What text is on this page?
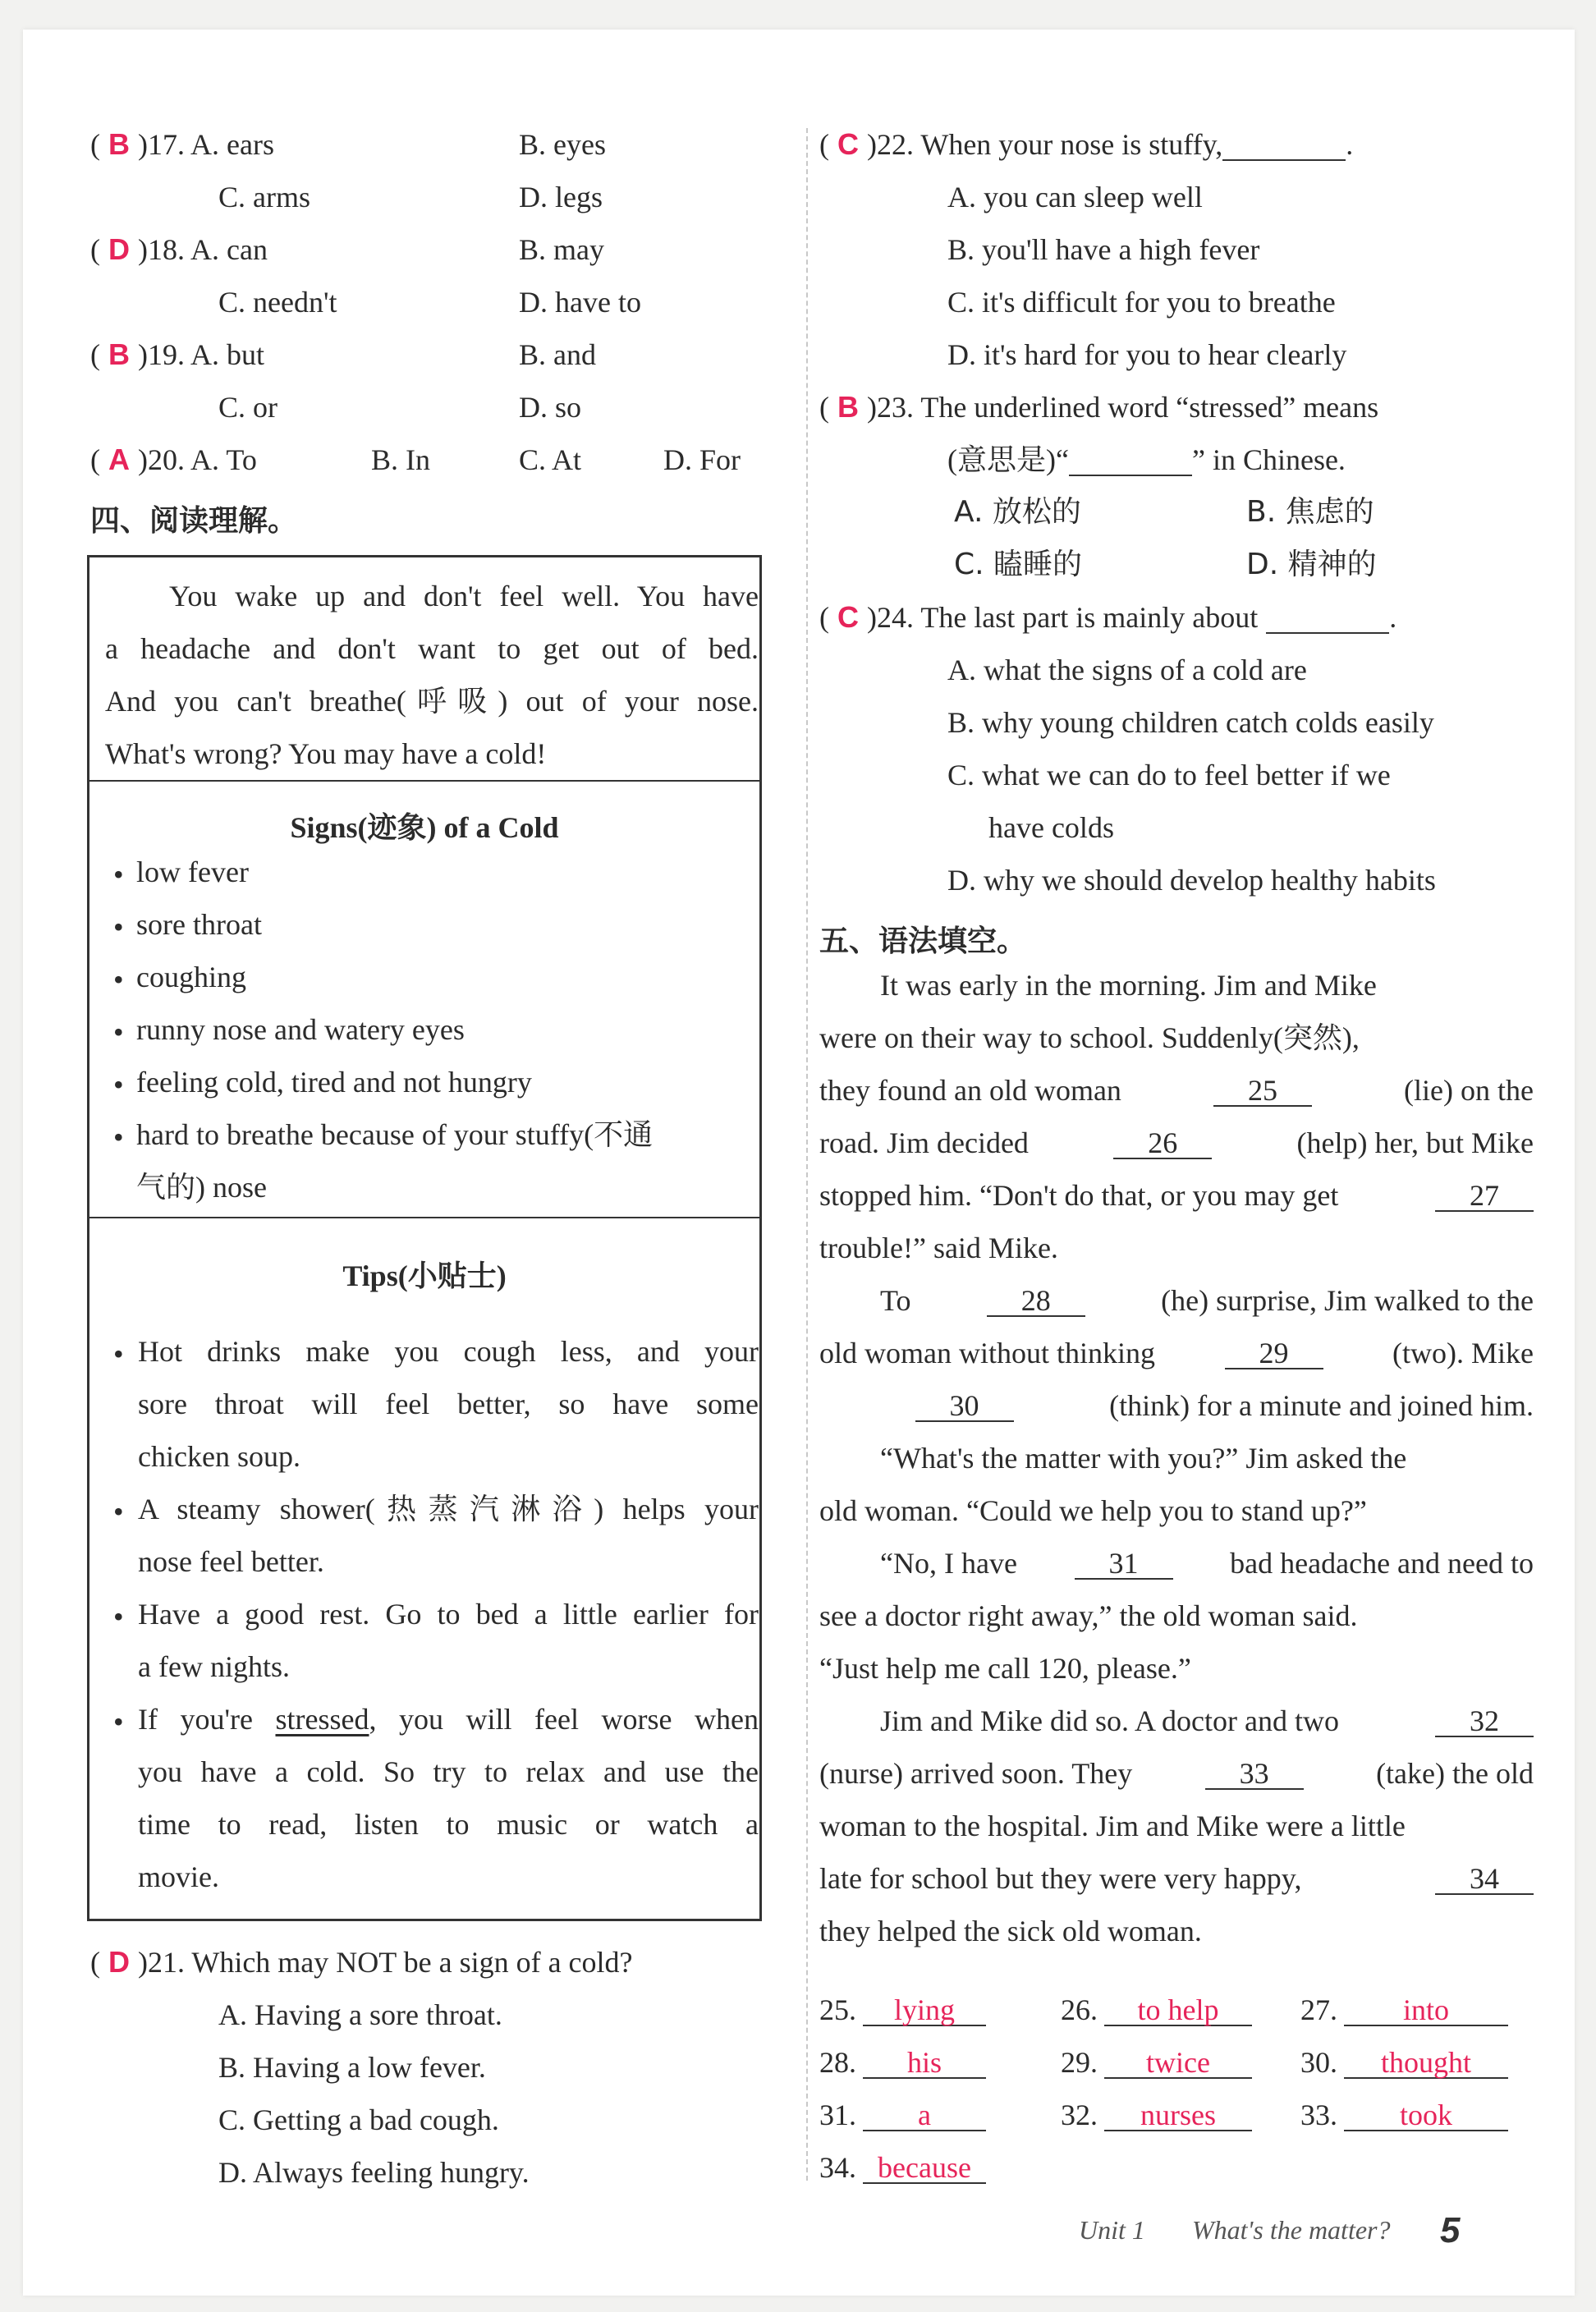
( B )17. A. ears	B. eyes
C. arms	D. legs
( D )18. A. can	B. may
C. needn't	D. have to
( B )19. A. but	B. and
C. or	D. so
( A )20. A. To	B. In	C. At	D. For
四、阅读理解。
You wake up and don't feel well. You have
a headache and don't want to get out of bed.
And you can't breathe(呼吸) out of your nose.
What's wrong? You may have a cold!
Signs(迹象) of a Cold
• low fever
• sore throat
• coughing
• runny nose and watery eyes
• feeling cold, tired and not hungry
• hard to breathe because of your stuffy(不通
气的) nose
Tips(小贴士)
• Hot drinks make you cough less, and your
sore throat will feel better, so have some
chicken soup.
• A steamy shower(热蒸汽淋浴) helps your
nose feel better.
• Have a good rest. Go to bed a little earlier for
a few nights.
• If you're stressed, you will feel worse when
you have a cold. So try to relax and use the
time to read, listen to music or watch a
movie.
( D )21. Which may NOT be a sign of a cold?
A. Having a sore throat.
B. Having a low fever.
C. Getting a bad cough.
D. Always feeling hungry.
( C )22. When your nose is stuffy,	.
A. you can sleep well
B. you'll have a high fever
C. it's difficult for you to breathe
D. it's hard for you to hear clearly
( B )23. The underlined word “stressed” means
(意思是)“	” in Chinese.
A. 放松的	B. 焦虑的
C. 瞌睡的	D. 精神的
( C )24. The last part is mainly about	.
A. what the signs of a cold are
B. why young children catch colds easily
C. what we can do to feel better if we
have colds
D. why we should develop healthy habits
五、语法填空。
It was early in the morning. Jim and Mike
were on their way to school. Suddenly(突然),
they found an old woman	25	(lie) on the
road. Jim decided	26	(help) her, but Mike
stopped him. “Don't do that, or you may get	27
trouble!” said Mike.
To	28	(he) surprise, Jim walked to the
old woman without thinking	29	(two). Mike
30	(think) for a minute and joined him.
“What's the matter with you?” Jim asked the
old woman. “Could we help you to stand up?”
“No, I have	31	bad headache and need to
see a doctor right away,” the old woman said.
“Just help me call 120, please.”
Jim and Mike did so. A doctor and two	32
(nurse) arrived soon. They	33	(take) the old
woman to the hospital. Jim and Mike were a little
late for school but they were very happy,	34
they helped the sick old woman.
25. lying	26. to help	27. into
28. his	29. twice	30. thought
31. a	32. nurses	33. took
34. because
Unit 1 What's the matter? 5
